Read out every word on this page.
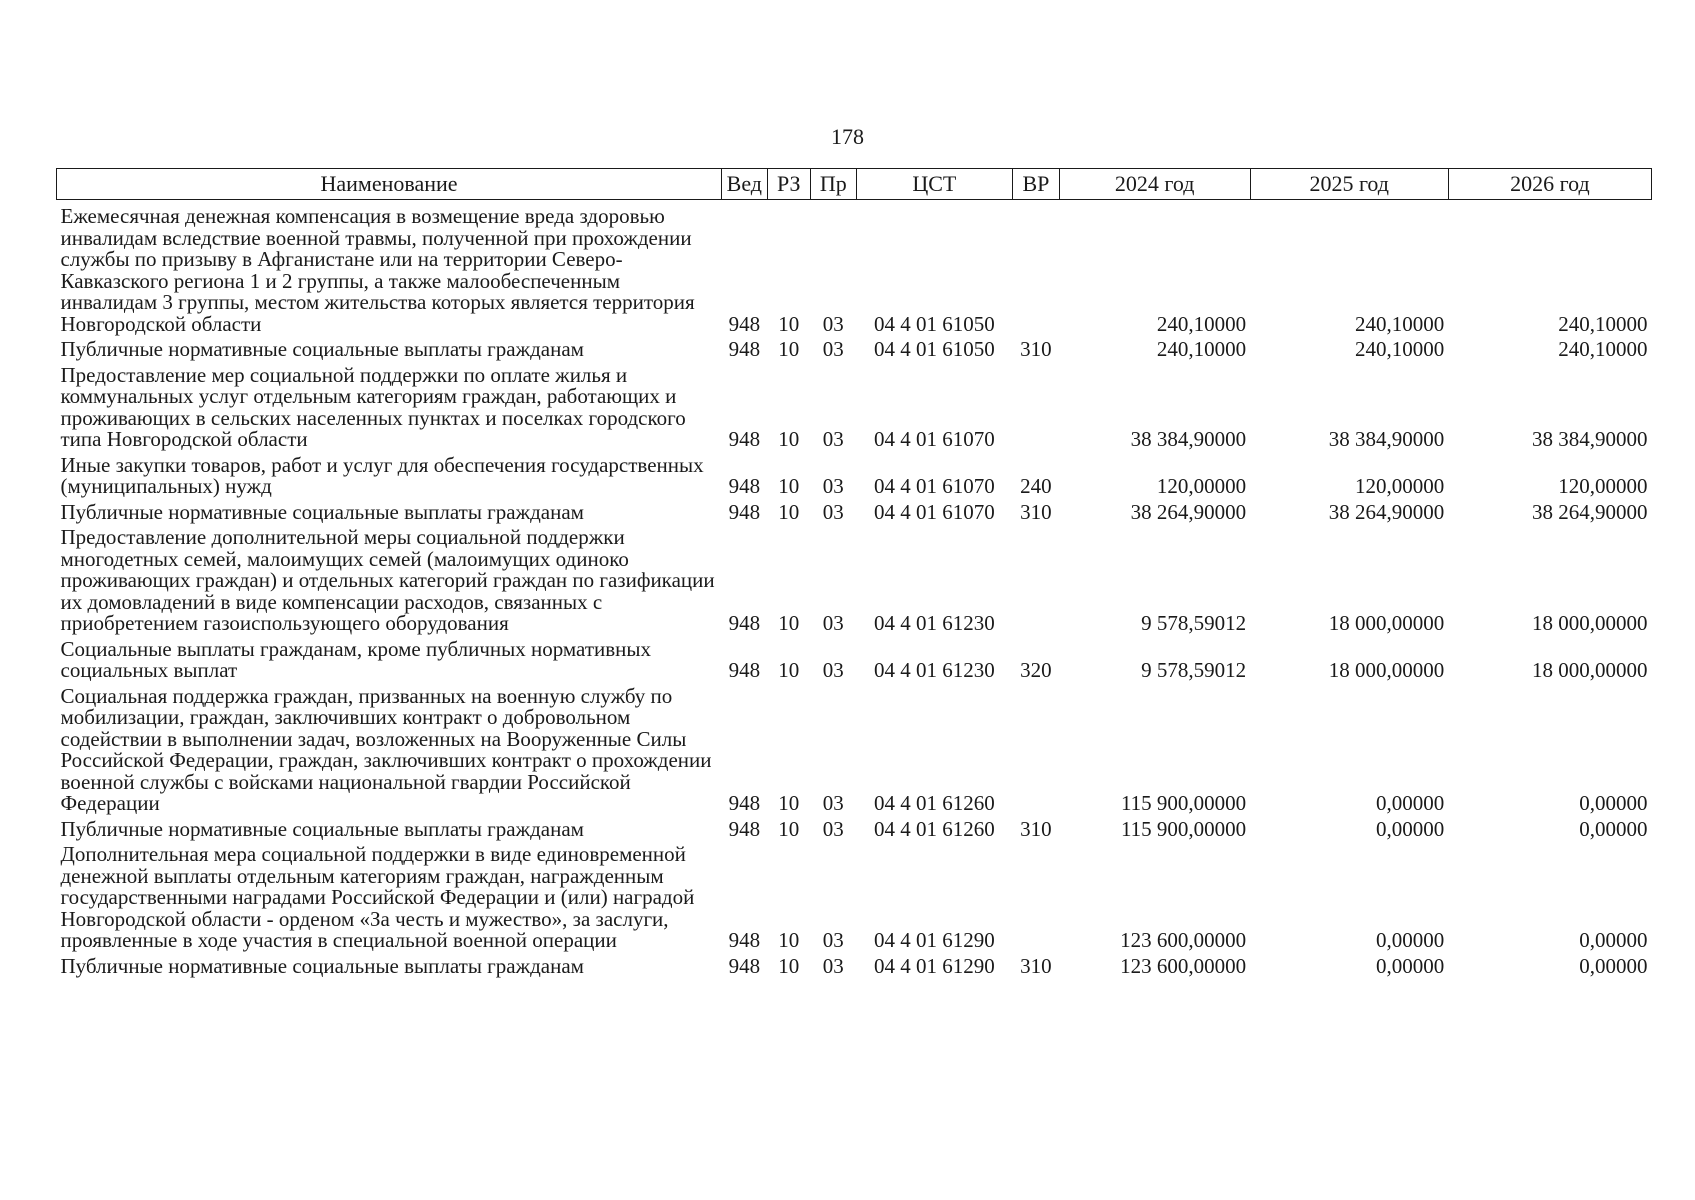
178
Наименование	Вед	РЗ	Пр	ЦСТ	ВР	2024 год	2025 год	2026 год
Ежемесячная денежная компенсация в возмещение вреда здоровью инвалидам вследствие военной травмы, полученной при прохождении службы по призыву в Афганистане или на территории Северо-Кавказского региона 1 и 2 группы, а также малообеспеченным инвалидам 3 группы, местом жительства которых является территория Новгородской области	948	10	03	04 4 01 61050		240,10000	240,10000	240,10000
Публичные нормативные социальные выплаты гражданам	948	10	03	04 4 01 61050	310	240,10000	240,10000	240,10000
Предоставление мер социальной поддержки по оплате жилья и коммунальных услуг отдельным категориям граждан, работающих и проживающих в сельских населенных пунктах и поселках городского типа Новгородской области	948	10	03	04 4 01 61070		38 384,90000	38 384,90000	38 384,90000
Иные закупки товаров, работ и услуг для обеспечения государственных (муниципальных) нужд	948	10	03	04 4 01 61070	240	120,00000	120,00000	120,00000
Публичные нормативные социальные выплаты гражданам	948	10	03	04 4 01 61070	310	38 264,90000	38 264,90000	38 264,90000
Предоставление дополнительной меры социальной поддержки многодетных семей, малоимущих семей (малоимущих одиноко проживающих граждан) и отдельных категорий граждан по газификации их домовладений в виде компенсации расходов, связанных с приобретением газоиспользующего оборудования	948	10	03	04 4 01 61230		9 578,59012	18 000,00000	18 000,00000
Социальные выплаты гражданам, кроме публичных нормативных социальных выплат	948	10	03	04 4 01 61230	320	9 578,59012	18 000,00000	18 000,00000
Социальная поддержка граждан, призванных на военную службу по мобилизации, граждан, заключивших контракт о добровольном содействии в выполнении задач, возложенных на Вооруженные Силы Российской Федерации, граждан, заключивших контракт о прохождении военной службы с войсками национальной гвардии Российской Федерации	948	10	03	04 4 01 61260		115 900,00000	0,00000	0,00000
Публичные нормативные социальные выплаты гражданам	948	10	03	04 4 01 61260	310	115 900,00000	0,00000	0,00000
Дополнительная мера социальной поддержки в виде единовременной денежной выплаты отдельным категориям граждан, награжденным государственными наградами Российской Федерации и (или) наградой Новгородской области - орденом «За честь и мужество», за заслуги, проявленные в ходе участия в специальной военной операции	948	10	03	04 4 01 61290		123 600,00000	0,00000	0,00000
Публичные нормативные социальные выплаты гражданам	948	10	03	04 4 01 61290	310	123 600,00000	0,00000	0,00000
